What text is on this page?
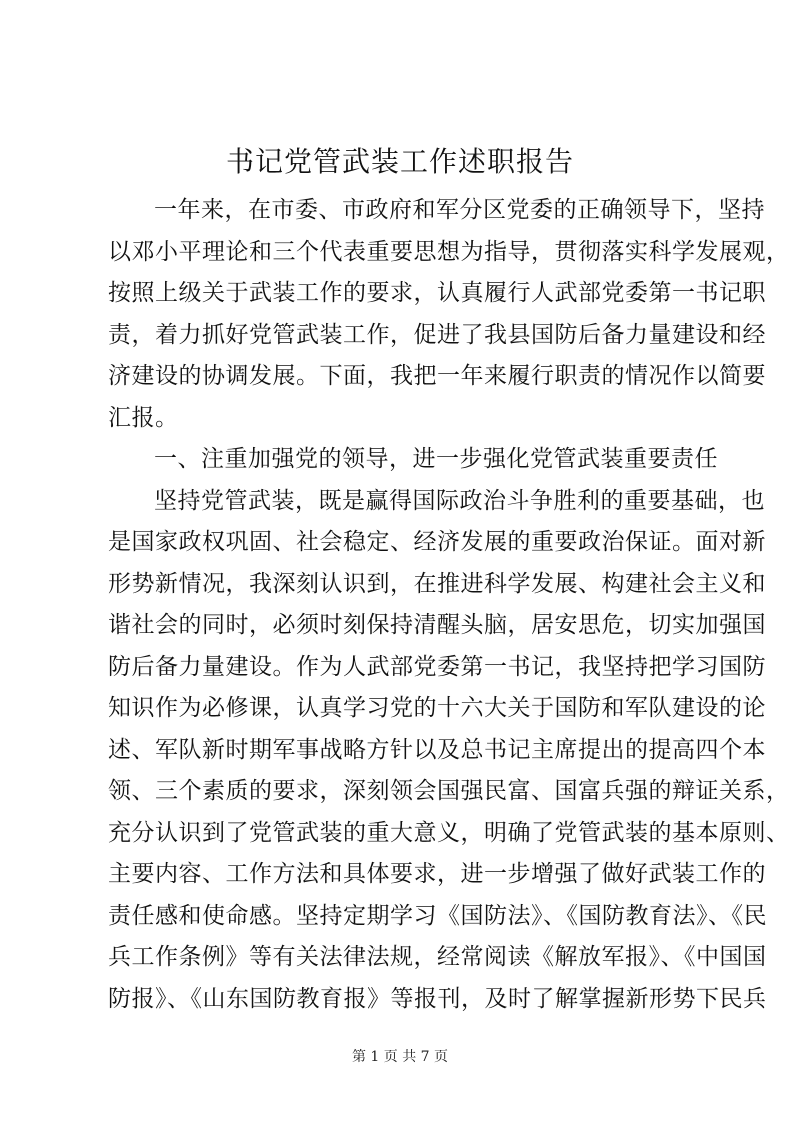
书记党管武装工作述职报告
一年来，在市委、市政府和军分区党委的正确领导下，坚持
以邓小平理论和三个代表重要思想为指导，贯彻落实科学发展观，
按照上级关于武装工作的要求，认真履行人武部党委第一书记职
责，着力抓好党管武装工作，促进了我县国防后备力量建设和经
济建设的协调发展。下面，我把一年来履行职责的情况作以简要
汇报。
一、注重加强党的领导，进一步强化党管武装重要责任
坚持党管武装，既是赢得国际政治斗争胜利的重要基础，也
是国家政权巩固、社会稳定、经济发展的重要政治保证。面对新
形势新情况，我深刻认识到，在推进科学发展、构建社会主义和
谐社会的同时，必须时刻保持清醒头脑，居安思危，切实加强国
防后备力量建设。作为人武部党委第一书记，我坚持把学习国防
知识作为必修课，认真学习党的十六大关于国防和军队建设的论
述、军队新时期军事战略方针以及总书记主席提出的提高四个本
领、三个素质的要求，深刻领会国强民富、国富兵强的辩证关系，
充分认识到了党管武装的重大意义，明确了党管武装的基本原则、
主要内容、工作方法和具体要求，进一步增强了做好武装工作的
责任感和使命感。坚持定期学习《国防法》、《国防教育法》、《民
兵工作条例》等有关法律法规，经常阅读《解放军报》、《中国国
防报》、《山东国防教育报》等报刊，及时了解掌握新形势下民兵
第 1 页 共 7 页
